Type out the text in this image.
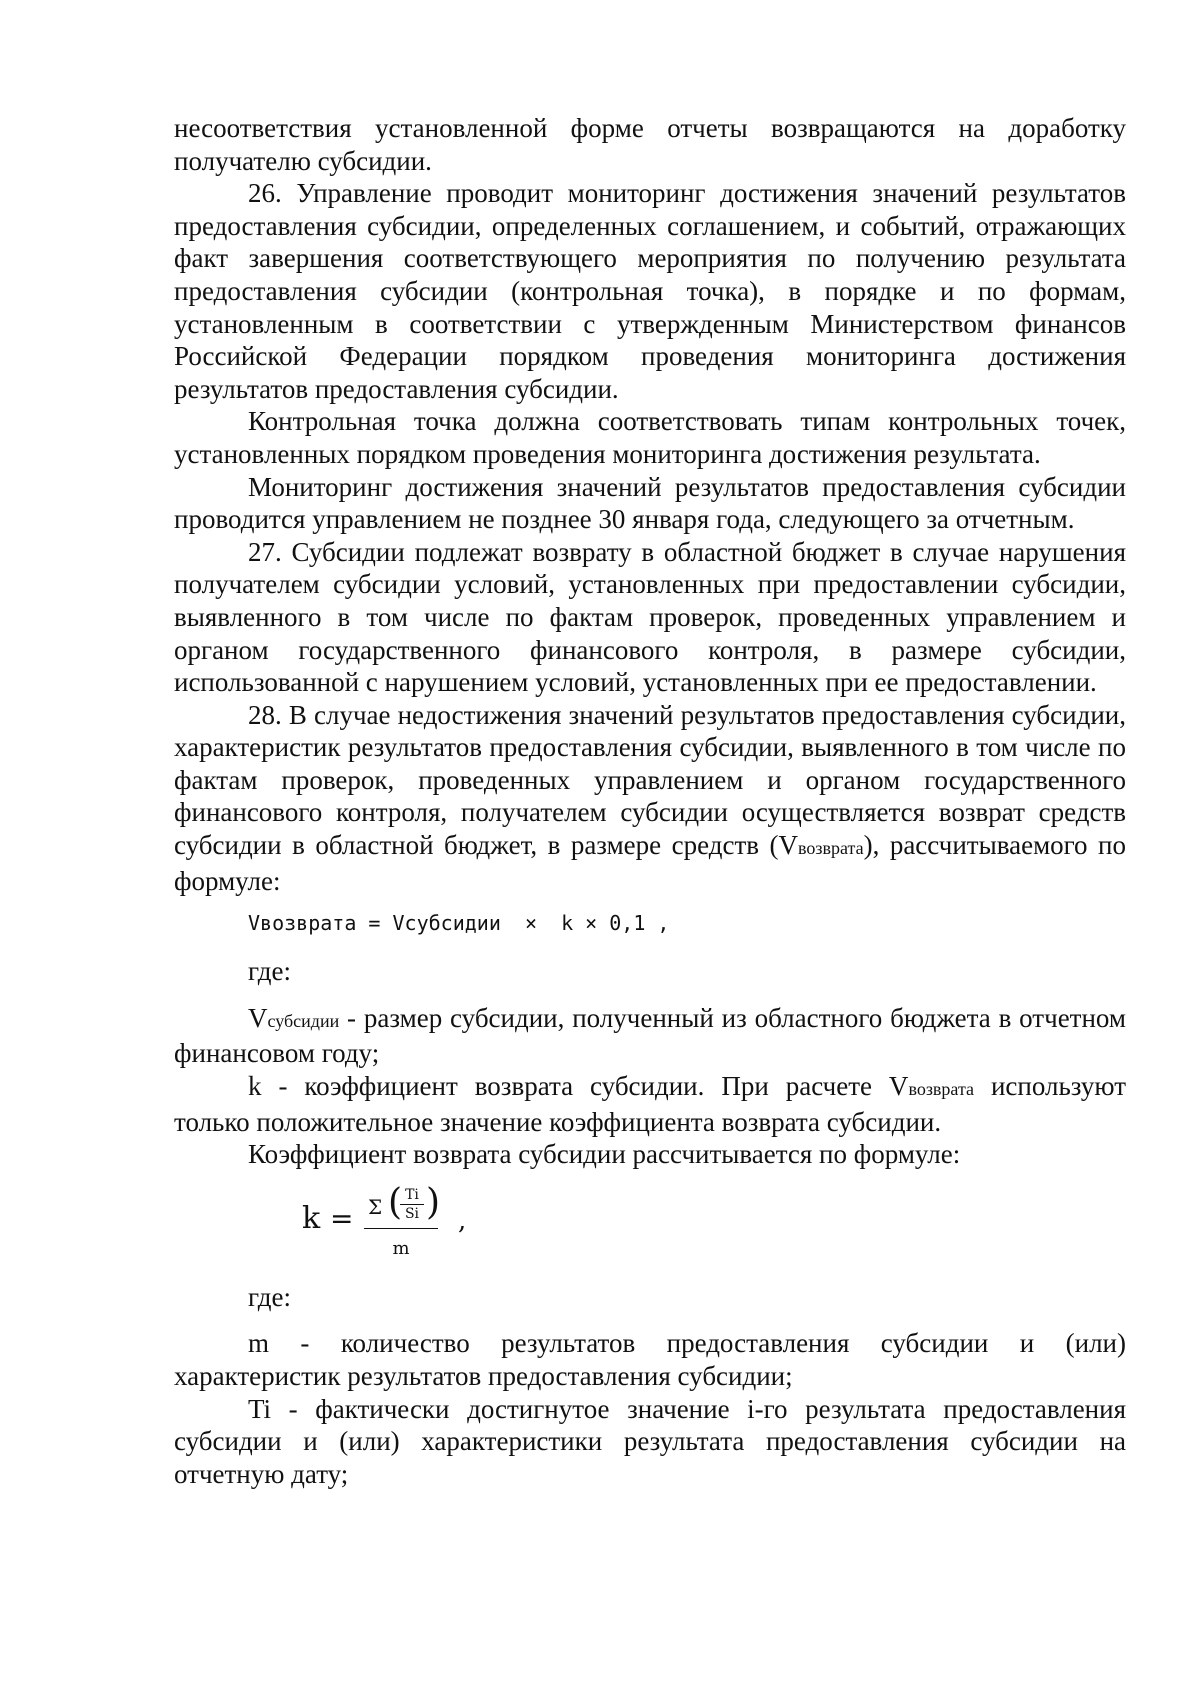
несоответствия установленной форме отчеты возвращаются на доработку получателю субсидии.

26. Управление проводит мониторинг достижения значений результатов предоставления субсидии, определенных соглашением, и событий, отражающих факт завершения соответствующего мероприятия по получению результата предоставления субсидии (контрольная точка), в порядке и по формам, установленным в соответствии с утвержденным Министерством финансов Российской Федерации порядком проведения мониторинга достижения результатов предоставления субсидии.

Контрольная точка должна соответствовать типам контрольных точек, установленных порядком проведения мониторинга достижения результата.

Мониторинг достижения значений результатов предоставления субсидии проводится управлением не позднее 30 января года, следующего за отчетным.

27. Субсидии подлежат возврату в областной бюджет в случае нарушения получателем субсидии условий, установленных при предоставлении субсидии, выявленного в том числе по фактам проверок, проведенных управлением и органом государственного финансового контроля, в размере субсидии, использованной с нарушением условий, установленных при ее предоставлении.

28. В случае недостижения значений результатов предоставления субсидии, характеристик результатов предоставления субсидии, выявленного в том числе по фактам проверок, проведенных управлением и органом государственного финансового контроля, получателем субсидии осуществляется возврат средств субсидии в областной бюджет, в размере средств (Vвозврата), рассчитываемого по формуле:

Vвозврата = Vсубсидии  ×  k × 0,1 ,

где:

Vсубсидии - размер субсидии, полученный из областного бюджета в отчетном финансовом году;

k - коэффициент возврата субсидии. При расчете Vвозврата используют только положительное значение коэффициента возврата субсидии.

Коэффициент возврата субсидии рассчитывается по формуле:

k = Σ ( Ti
Si )
m
,

где:

m - количество результатов предоставления субсидии и (или) характеристик результатов предоставления субсидии;

Ti - фактически достигнутое значение i-го результата предоставления субсидии и (или) характеристики результата предоставления субсидии на отчетную дату;
